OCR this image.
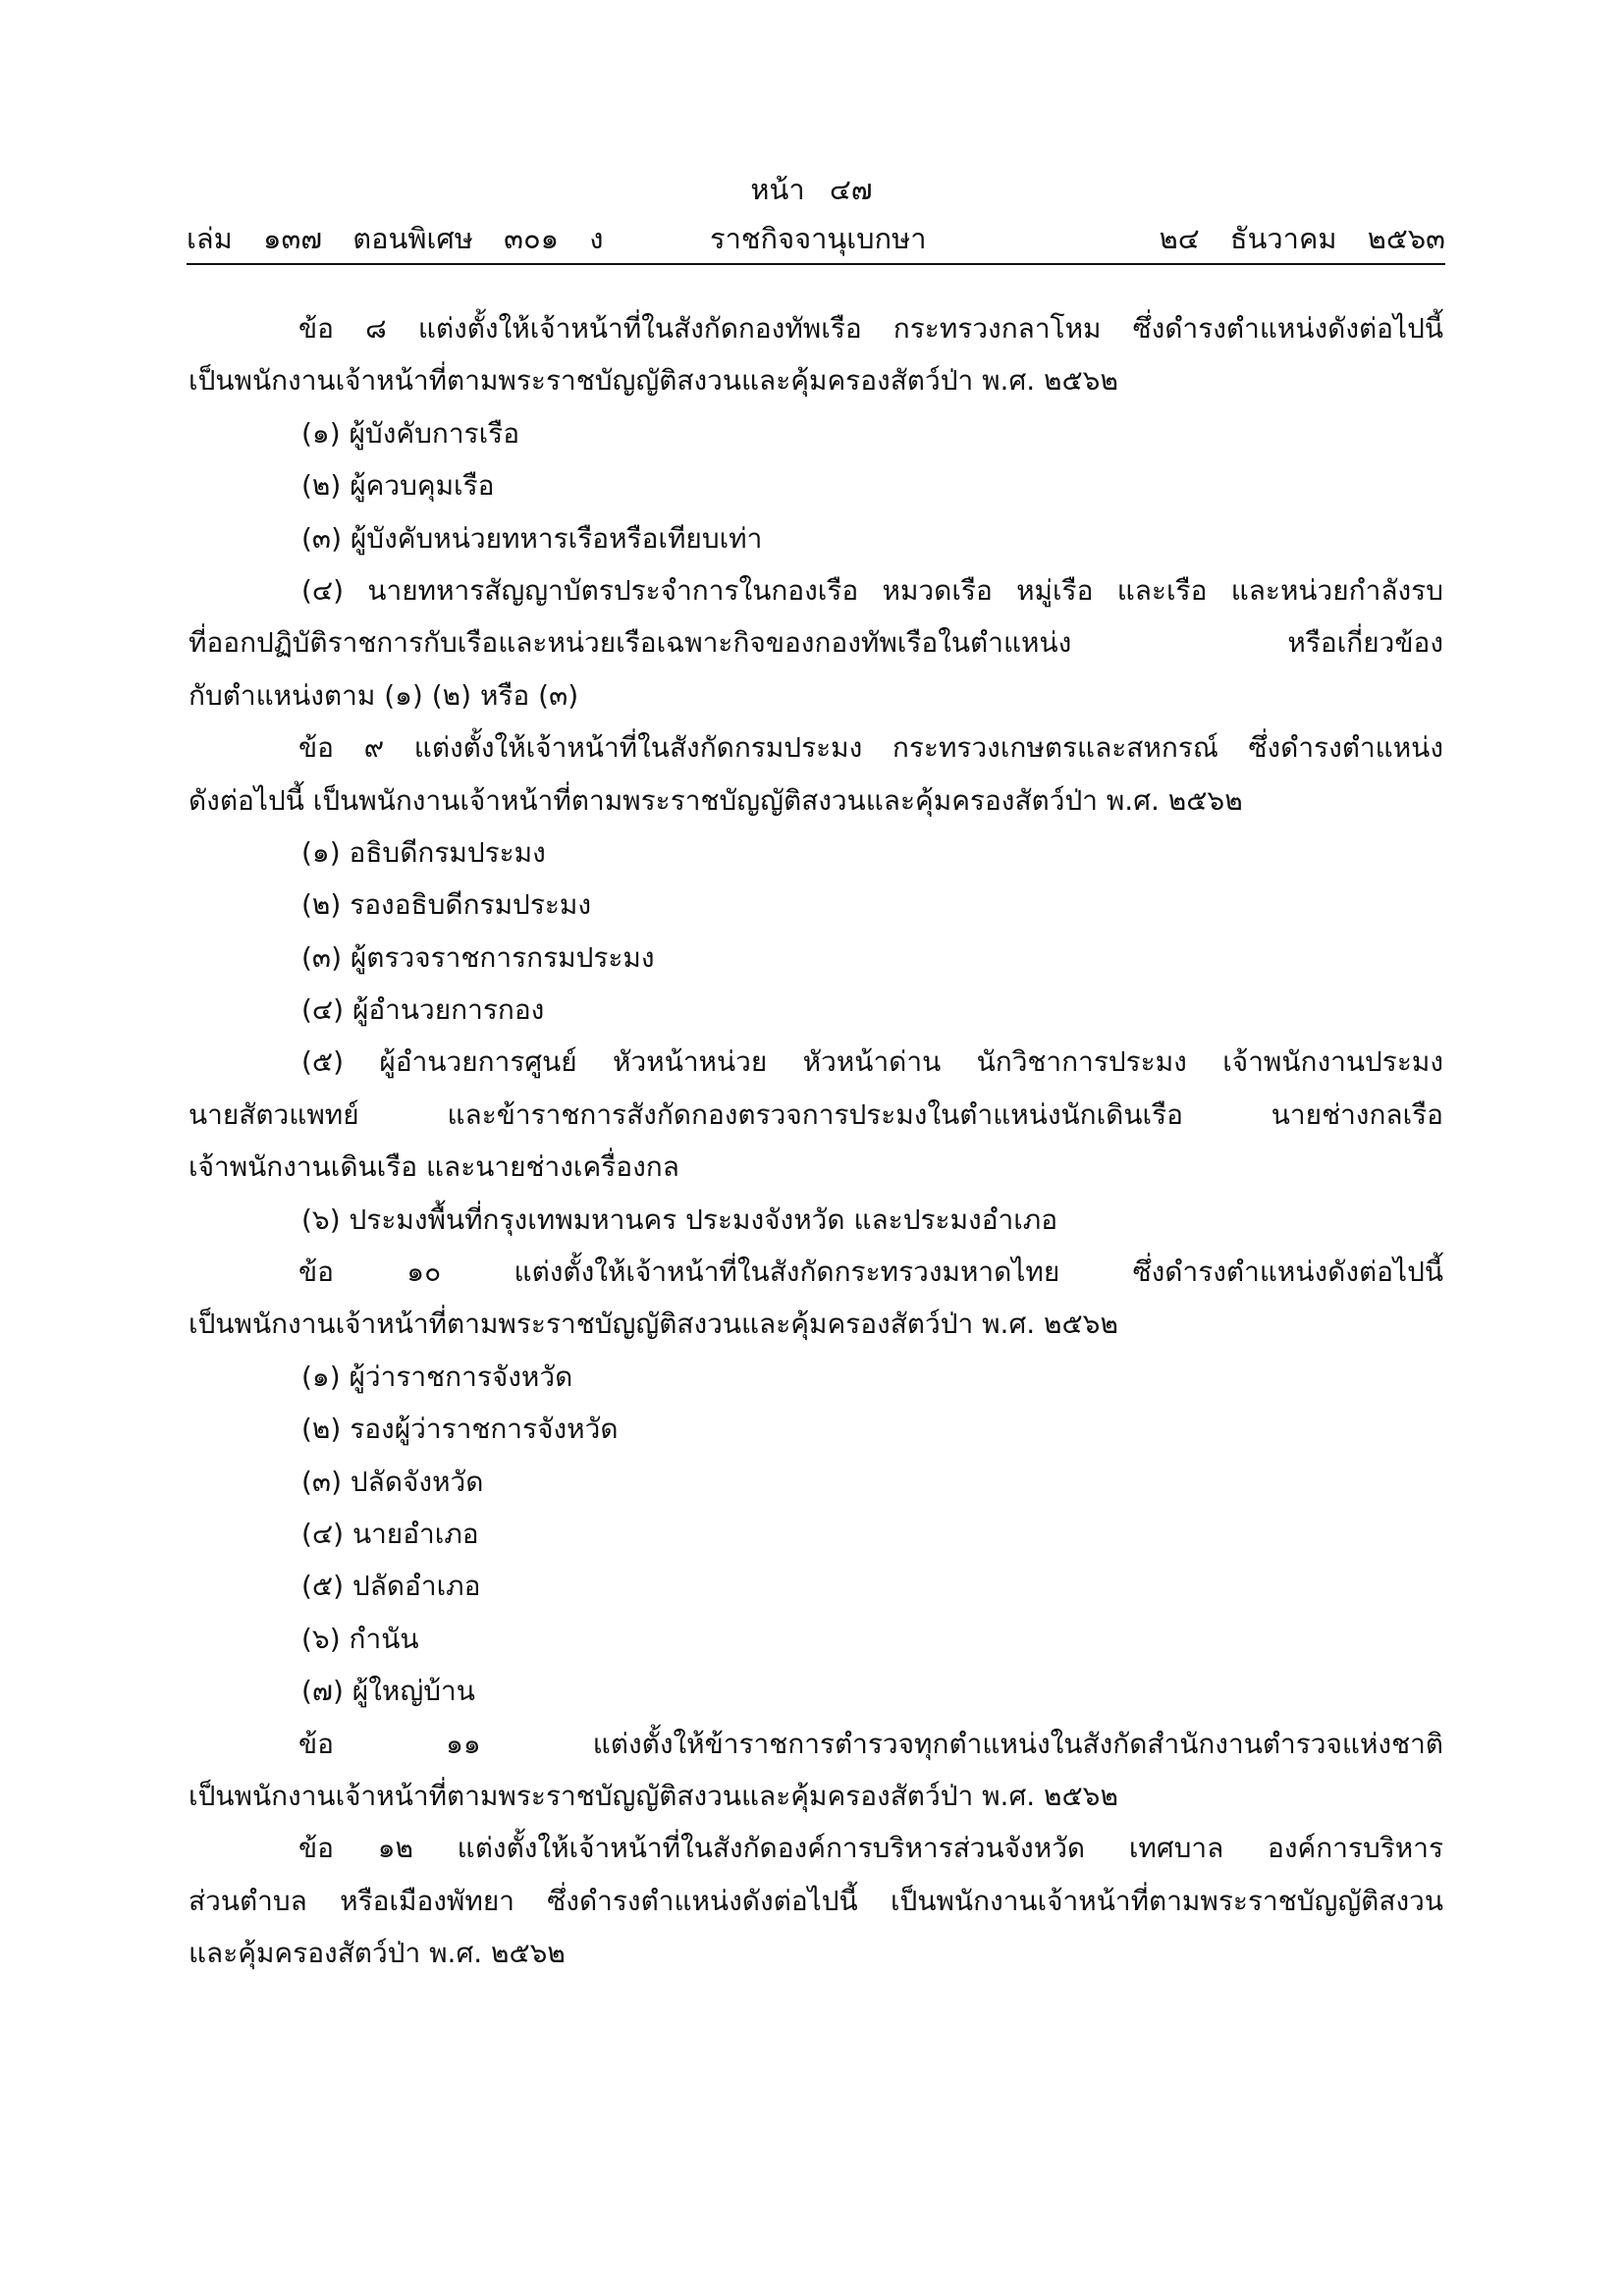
หน้า ๔๗
เล่ม ๑๓๗ ตอนพิเศษ ๓๐๑ ง	ราชกิจจานุเบกษา	๒๔ ธันวาคม ๒๕๖๓
ข้อ ๘ แต่งตั้งให้เจ้าหน้าที่ในสังกัดกองทัพเรือ กระทรวงกลาโหม ซึ่งดำรงตำแหน่งดังต่อไปนี้
เป็นพนักงานเจ้าหน้าที่ตามพระราชบัญญัติสงวนและคุ้มครองสัตว์ป่า พ.ศ. ๒๕๖๒
(๑) ผู้บังคับการเรือ
(๒) ผู้ควบคุมเรือ
(๓) ผู้บังคับหน่วยทหารเรือหรือเทียบเท่า
(๔) นายทหารสัญญาบัตรประจำการในกองเรือ หมวดเรือ หมู่เรือ และเรือ และหน่วยกำลังรบ
ที่ออกปฏิบัติราชการกับเรือและหน่วยเรือเฉพาะกิจของกองทัพเรือในตำแหน่ง หรือเกี่ยวข้อง
กับตำแหน่งตาม (๑) (๒) หรือ (๓)
ข้อ ๙ แต่งตั้งให้เจ้าหน้าที่ในสังกัดกรมประมง กระทรวงเกษตรและสหกรณ์ ซึ่งดำรงตำแหน่ง
ดังต่อไปนี้ เป็นพนักงานเจ้าหน้าที่ตามพระราชบัญญัติสงวนและคุ้มครองสัตว์ป่า พ.ศ. ๒๕๖๒
(๑) อธิบดีกรมประมง
(๒) รองอธิบดีกรมประมง
(๓) ผู้ตรวจราชการกรมประมง
(๔) ผู้อำนวยการกอง
(๕) ผู้อำนวยการศูนย์ หัวหน้าหน่วย หัวหน้าด่าน นักวิชาการประมง เจ้าพนักงานประมง
นายสัตวแพทย์ และข้าราชการสังกัดกองตรวจการประมงในตำแหน่งนักเดินเรือ นายช่างกลเรือ
เจ้าพนักงานเดินเรือ และนายช่างเครื่องกล
(๖) ประมงพื้นที่กรุงเทพมหานคร ประมงจังหวัด และประมงอำเภอ
ข้อ ๑๐ แต่งตั้งให้เจ้าหน้าที่ในสังกัดกระทรวงมหาดไทย ซึ่งดำรงตำแหน่งดังต่อไปนี้
เป็นพนักงานเจ้าหน้าที่ตามพระราชบัญญัติสงวนและคุ้มครองสัตว์ป่า พ.ศ. ๒๕๖๒
(๑) ผู้ว่าราชการจังหวัด
(๒) รองผู้ว่าราชการจังหวัด
(๓) ปลัดจังหวัด
(๔) นายอำเภอ
(๕) ปลัดอำเภอ
(๖) กำนัน
(๗) ผู้ใหญ่บ้าน
ข้อ ๑๑ แต่งตั้งให้ข้าราชการตำรวจทุกตำแหน่งในสังกัดสำนักงานตำรวจแห่งชาติ
เป็นพนักงานเจ้าหน้าที่ตามพระราชบัญญัติสงวนและคุ้มครองสัตว์ป่า พ.ศ. ๒๕๖๒
ข้อ ๑๒ แต่งตั้งให้เจ้าหน้าที่ในสังกัดองค์การบริหารส่วนจังหวัด เทศบาล องค์การบริหาร
ส่วนตำบล หรือเมืองพัทยา ซึ่งดำรงตำแหน่งดังต่อไปนี้ เป็นพนักงานเจ้าหน้าที่ตามพระราชบัญญัติสงวน
และคุ้มครองสัตว์ป่า พ.ศ. ๒๕๖๒
